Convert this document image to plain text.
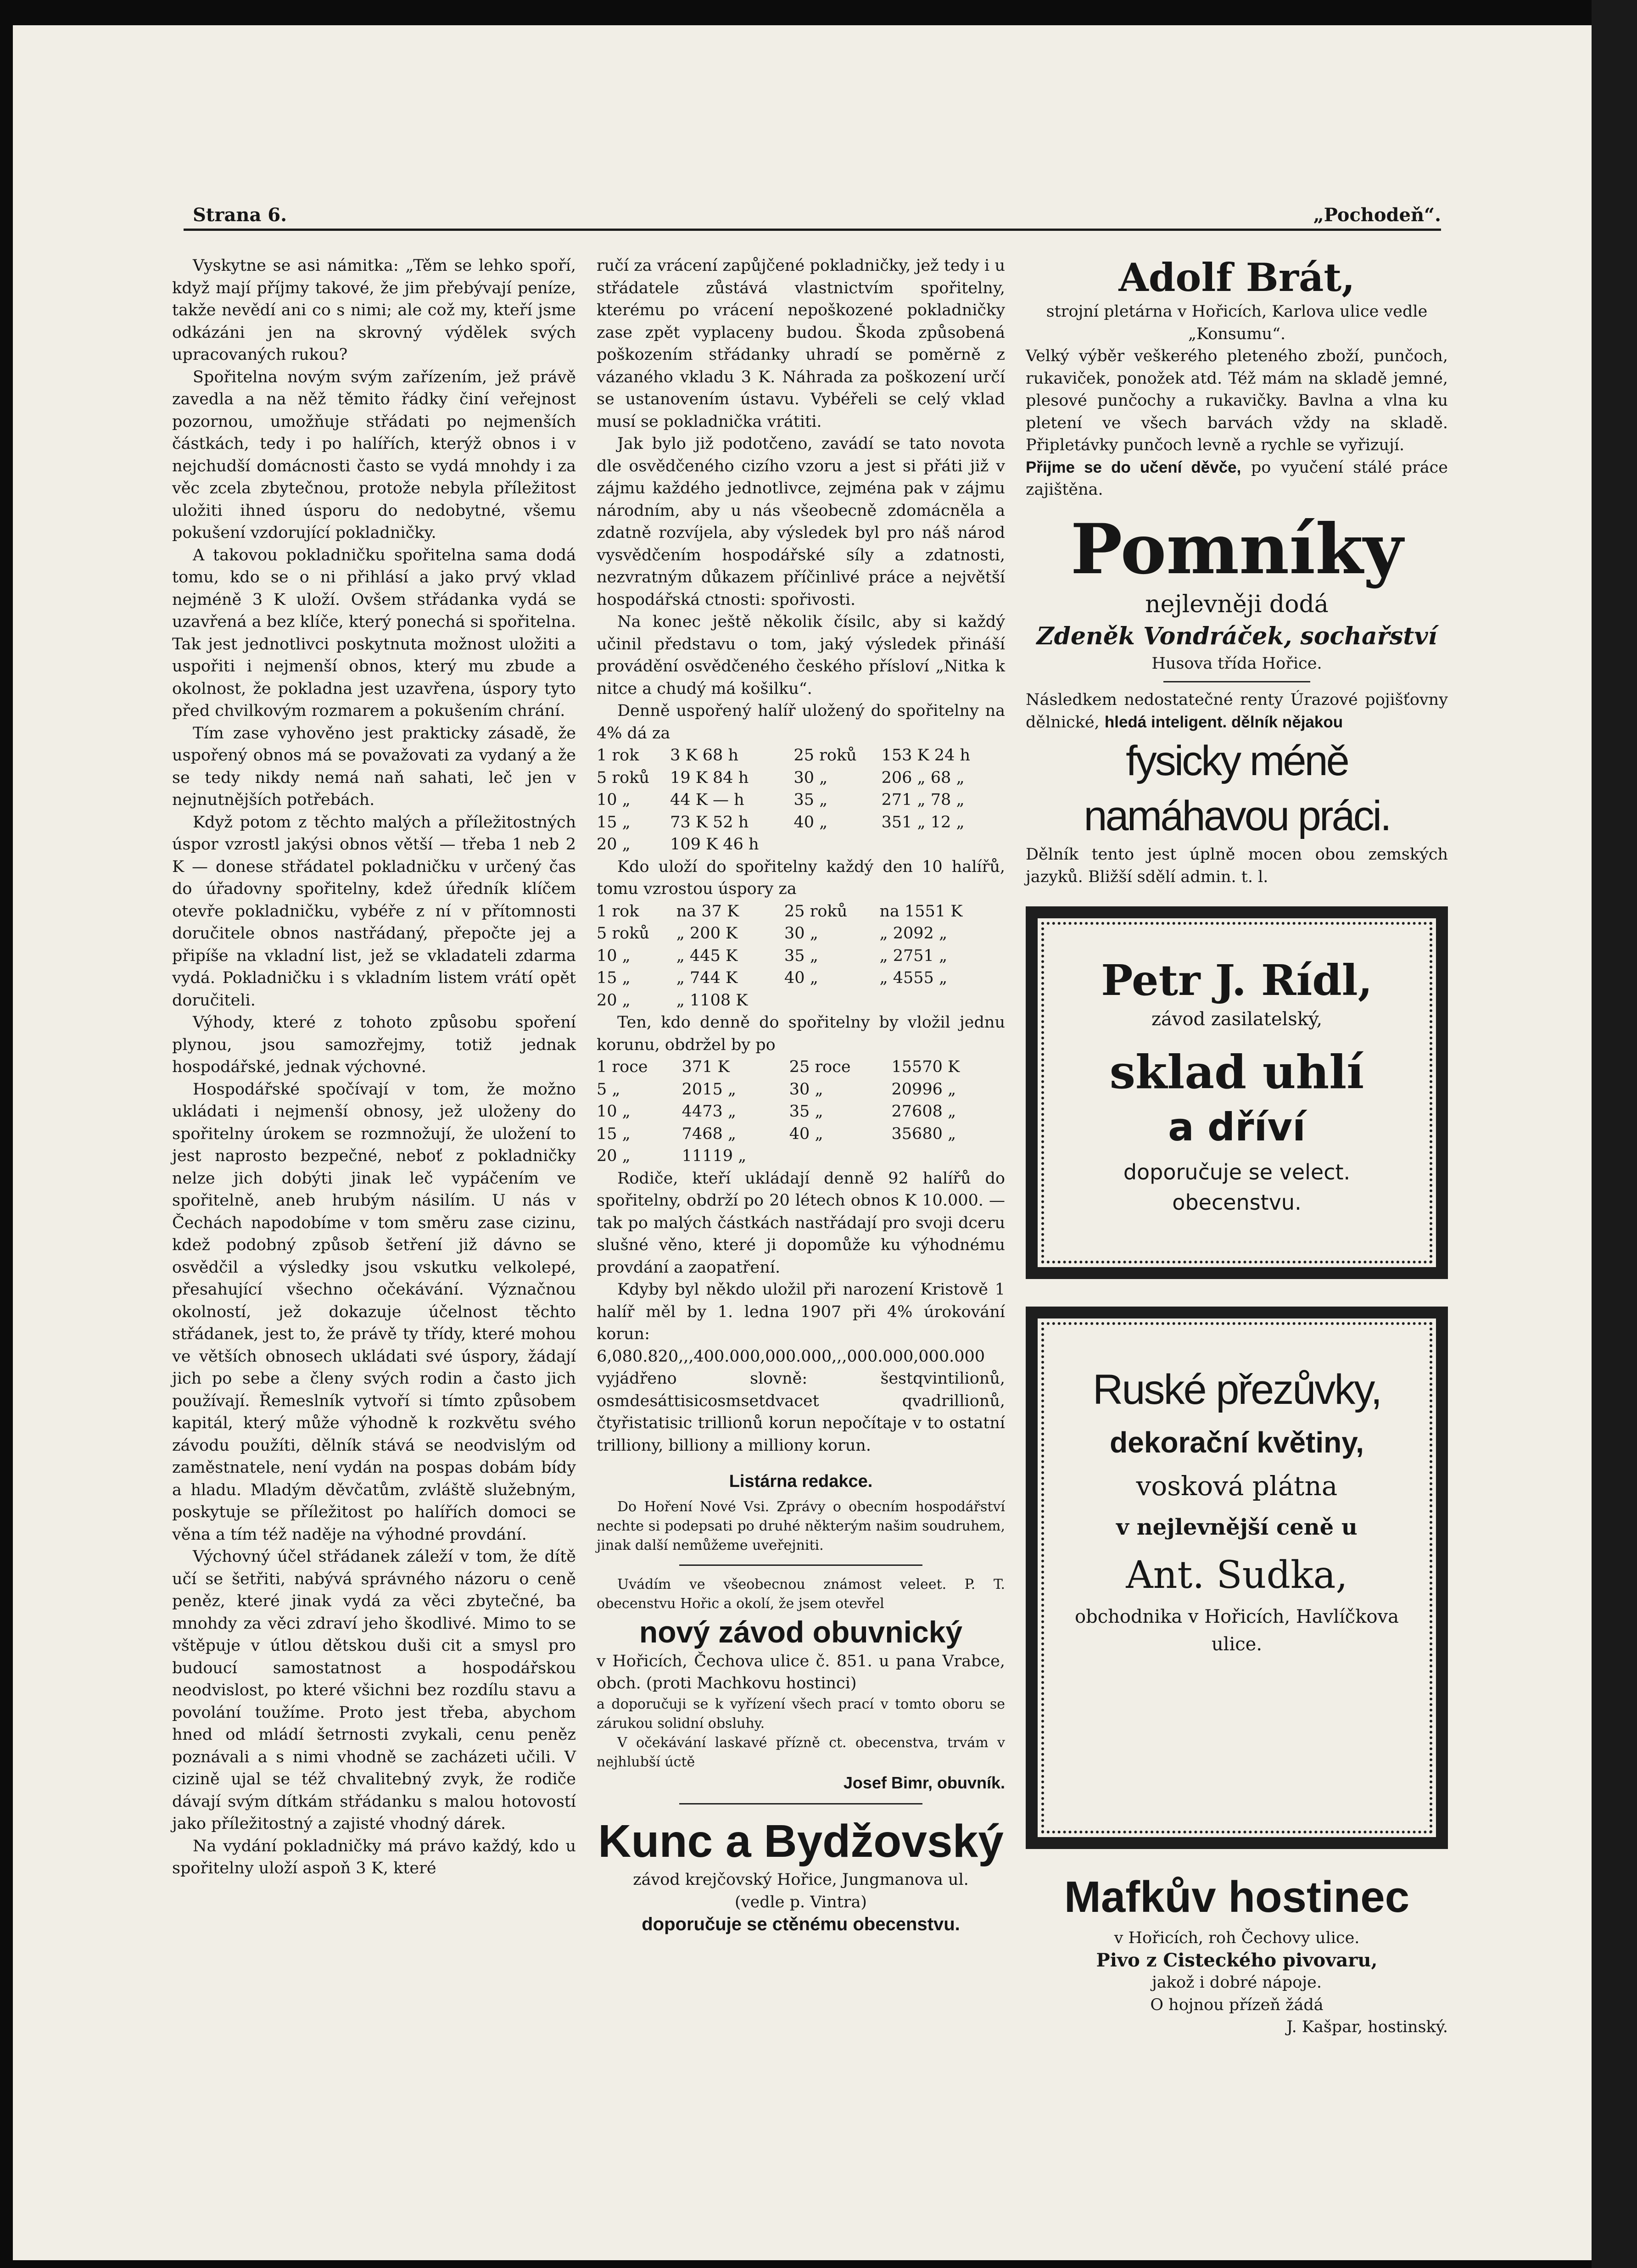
Strana 6.	„Pochodeň“.

Vyskytne se asi námitka: „Těm se lehko spoří, když mají příjmy takové, že jim přebývají peníze, takže nevědí ani co s nimi; ale což my, kteří jsme odkázáni jen na skrovný výdělek svých upracovaných rukou?

Spořitelna novým svým zařízením, jež právě zavedla a na něž těmito řádky činí veřejnost pozornou, umožňuje střádati po nejmenších částkách, tedy i po halířích, kterýž obnos i v nejchudší domácnosti často se vydá mnohdy i za věc zcela zbytečnou, protože nebyla příležitost uložiti ihned úsporu do nedobytné, všemu pokušení vzdorující pokladničky.

A takovou pokladničku spořitelna sama dodá tomu, kdo se o ni přihlásí a jako prvý vklad nejméně 3 K uloží. Ovšem střádanka vydá se uzavřená a bez klíče, který ponechá si spořitelna. Tak jest jednotlivci poskytnuta možnost uložiti a uspořiti i nejmenší obnos, který mu zbude a okolnost, že pokladna jest uzavřena, úspory tyto před chvilkovým rozmarem a pokušením chrání.

Tím zase vyhověno jest prakticky zásadě, že uspořený obnos má se považovati za vydaný a že se tedy nikdy nemá naň sahati, leč jen v nejnutnějších potřebách.

Když potom z těchto malých a příležitostných úspor vzrostl jakýsi obnos větší — třeba 1 neb 2 K — donese střádatel pokladničku v určený čas do úřadovny spořitelny, kdež úředník klíčem otevře pokladničku, vybéře z ní v přítomnosti doručitele obnos nastřádaný, přepočte jej a připíše na vkladní list, jež se vkladateli zdarma vydá. Pokladničku i s vkladním listem vrátí opět doručiteli.

Výhody, které z tohoto způsobu spoření plynou, jsou samozřejmy, totiž jednak hospodářské, jednak výchovné.

Hospodářské spočívají v tom, že možno ukládati i nejmenší obnosy, jež uloženy do spořitelny úrokem se rozmnožují, že uložení to jest naprosto bezpečné, neboť z pokladničky nelze jich dobýti jinak leč vypáčením ve spořitelně, aneb hrubým násilím. U nás v Čechách napodobíme v tom směru zase cizinu, kdež podobný způsob šetření již dávno se osvědčil a výsledky jsou vskutku velkolepé, přesahující všechno očekávání. Význačnou okolností, jež dokazuje účelnost těchto střádanek, jest to, že právě ty třídy, které mohou ve větších obnosech ukládati své úspory, žádají jich po sebe a členy svých rodin a často jich používají. Řemeslník vytvoří si tímto způsobem kapitál, který může výhodně k rozkvětu svého závodu použíti, dělník stává se neodvislým od zaměstnatele, není vydán na pospas dobám bídy a hladu. Mladým děvčatům, zvláště služebným, poskytuje se příležitost po halířích domoci se věna a tím též naděje na výhodné provdání.

Výchovný účel střádanek záleží v tom, že dítě učí se šetřiti, nabývá správného názoru o ceně peněz, které jinak vydá za věci zbytečné, ba mnohdy za věci zdraví jeho škodlivé. Mimo to se vštěpuje v útlou dětskou duši cit a smysl pro budoucí samostatnost a hospodářskou neodvislost, po které všichni bez rozdílu stavu a povolání toužíme. Proto jest třeba, abychom hned od mládí šetrnosti zvykali, cenu peněz poznávali a s nimi vhodně se zacházeti učili. V cizině ujal se též chvalitebný zvyk, že rodiče dávají svým dítkám střádanku s malou hotovostí jako příležitostný a zajisté vhodný dárek.

Na vydání pokladničky má právo každý, kdo u spořitelny uloží aspoň 3 K, které

ručí za vrácení zapůjčené pokladničky, jež tedy i u střádatele zůstává vlastnictvím spořitelny, kterému po vrácení nepoškozené pokladničky zase zpět vyplaceny budou. Škoda způsobená poškozením střádanky uhradí se poměrně z vázaného vkladu 3 K. Náhrada za poškození určí se ustanovením ústavu. Vybéřeli se celý vklad musí se pokladnička vrátiti.

Jak bylo již podotčeno, zavádí se tato novota dle osvědčeného cizího vzoru a jest si přáti již v zájmu každého jednotlivce, zejména pak v zájmu národním, aby u nás všeobecně zdomácněla a zdatně rozvíjela, aby výsledek byl pro náš národ vysvědčením hospodářské síly a zdatnosti, nezvratným důkazem příčinlivé práce a největší hospodářská ctnosti: spořivosti.

Na konec ještě několik čísilc, aby si každý učinil představu o tom, jaký výsledek přináší provádění osvědčeného českého přísloví „Nitka k nitce a chudý má košilku“.

Denně uspořený halíř uložený do spořitelny na 4% dá za

1 rok	3 K 68 h	25 roků	153 K 24 h
5 roků	19 K 84 h	30 „	206 „ 68 „
10 „	44 K — h	35 „	271 „ 78 „
15 „	73 K 52 h	40 „	351 „ 12 „
20 „	109 K 46 h		

Kdo uloží do spořitelny každý den 10 halířů, tomu vzrostou úspory za

1 rok	na 37 K	25 roků	na 1551 K
5 roků	„ 200 K	30 „	„ 2092 „
10 „	„ 445 K	35 „	„ 2751 „
15 „	„ 744 K	40 „	„ 4555 „
20 „	„ 1108 K		

Ten, kdo denně do spořitelny by vložil jednu korunu, obdržel by po

1 roce	371 K	25 roce	15570 K
5 „	2015 „	30 „	20996 „
10 „	4473 „	35 „	27608 „
15 „	7468 „	40 „	35680 „
20 „	11119 „		

Rodiče, kteří ukládají denně 92 halířů do spořitelny, obdrží po 20 létech obnos K 10.000. — tak po malých částkách nastřádají pro svoji dceru slušné věno, které ji dopomůže ku výhodnému provdání a zaopatření.

Kdyby byl někdo uložil při narození Kristově 1 halíř měl by 1. ledna 1907 při 4% úrokování korun: 6,080.820,,,400.000,000.000,,,000.000,000.000 vyjádřeno slovně: šestqvintilionů, osmdesáttisicosmsetdvacet qvadrillionů, čtyřistatisic trillionů korun nepočítaje v to ostatní trilliony, billiony a milliony korun.

Listárna redakce.

Do Hoření Nové Vsi. Zprávy o obecním hospodářství nechte si podepsati po druhé některým našim soudruhem, jinak další nemůžeme uveřejniti.

Uvádím ve všeobecnou známost veleet. P. T. obecenstvu Hořic a okolí, že jsem otevřel

nový závod obuvnický

v Hořicích, Čechova ulice č. 851. u pana Vrabce, obch. (proti Machkovu hostinci)

a doporučuji se k vyřízení všech prací v tomto oboru se zárukou solidní obsluhy.

V očekávání laskavé přízně ct. obecenstva, trvám v nejhlubší úctě

Josef Bimr, obuvník.
Kunc a Bydžovský
závod krejčovský Hořice, Jungmanova ul.
(vedle p. Vintra)
doporučuje se ctěnému obecenstvu.
Adolf Brát,
strojní pletárna v Hořicích, Karlova ulice vedle „Konsumu“.

Velký výběr veškerého pleteného zboží, punčoch, rukaviček, ponožek atd. Též mám na skladě jemné, plesové punčochy a rukavičky. Bavlna a vlna ku pletení ve všech barvách vždy na skladě. Připletávky punčoch levně a rychle se vyřizují.

Přijme se do učení děvče, po vyučení stálé práce zajištěna.

Pomníky
nejlevněji dodá
Zdeněk Vondráček, sochařství
Husova třída Hořice.

Následkem nedostatečné renty Úrazové pojišťovny dělnické, hledá inteligent. dělník nějakou

fysicky méně namáhavou práci.

Dělník tento jest úplně mocen obou zemských jazyků. Bližší sdělí admin. t. l.

Petr J. Rídl,
závod zasilatelský,
sklad uhlí
a dříví
doporučuje se velect.
obecenstvu.
Ruské přezůvky,
dekorační květiny,
vosková plátna
v nejlevnější ceně u
Ant. Sudka,
obchodnika v Hořicích, Havlíčkova ulice.
Mafkův hostinec
v Hořicích, roh Čechovy ulice.
Pivo z Cisteckého pivovaru,
jakož i dobré nápoje.
O hojnou přízeň žádá
J. Kašpar, hostinský.
